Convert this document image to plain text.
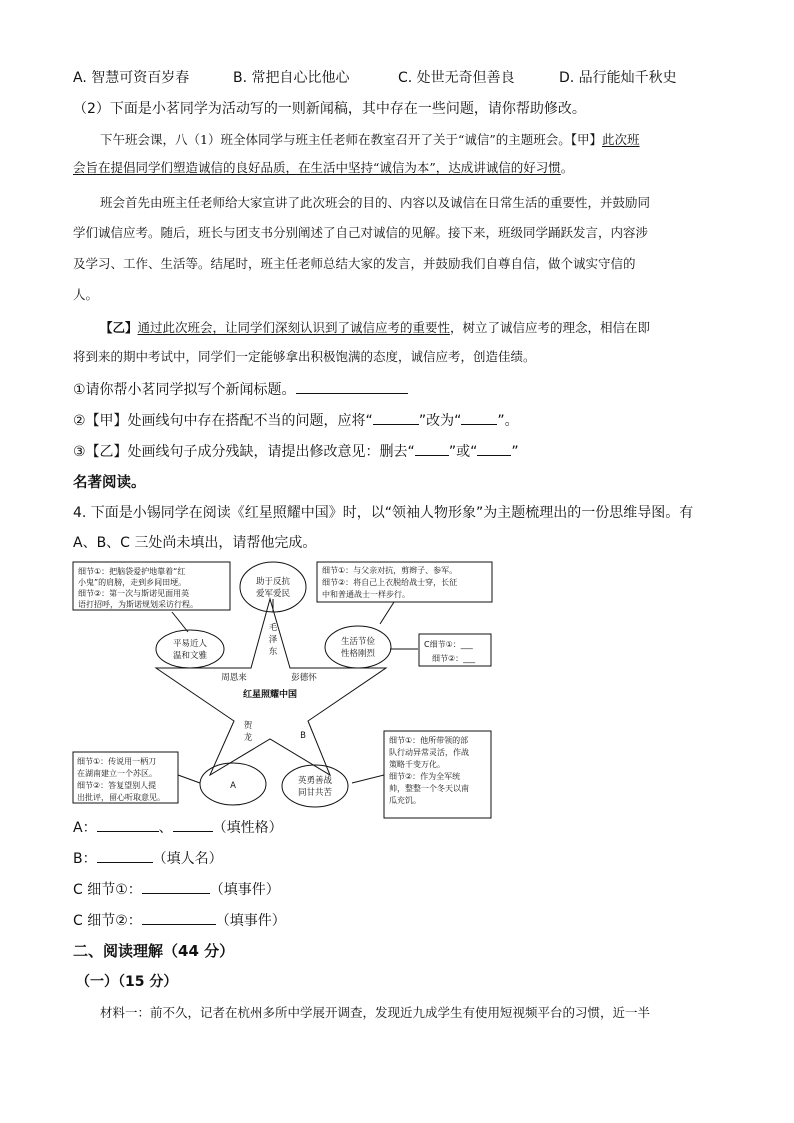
A. 智慧可资百岁春	B. 常把自心比他心	C. 处世无奇但善良	D. 品行能灿千秋史
（2）下面是小茗同学为活动写的一则新闻稿，其中存在一些问题，请你帮助修改。
下午班会课，八（1）班全体同学与班主任老师在教室召开了关于“诚信”的主题班会。【甲】此次班
会旨在提倡同学们塑造诚信的良好品质，在生活中坚持“诚信为本”，达成讲诚信的好习惯。
班会首先由班主任老师给大家宣讲了此次班会的目的、内容以及诚信在日常生活的重要性，并鼓励同
学们诚信应考。随后，班长与团支书分别阐述了自己对诚信的见解。接下来，班级同学踊跃发言，内容涉
及学习、工作、生活等。结尾时，班主任老师总结大家的发言，并鼓励我们自尊自信，做个诚实守信的
人。
【乙】通过此次班会，让同学们深刻认识到了诚信应考的重要性，树立了诚信应考的理念，相信在即
将到来的期中考试中，同学们一定能够拿出积极饱满的态度，诚信应考，创造佳绩。
①请你帮小茗同学拟写个新闻标题。
②【甲】处画线句中存在搭配不当的问题，应将“	”改为“	”。
③【乙】处画线句子成分残缺，请提出修改意见：删去“ ”或“ ”
名著阅读。
4. 下面是小锡同学在阅读《红星照耀中国》时，以“领袖人物形象”为主题梳理出的一份思维导图。有
A、B、C 三处尚未填出，请帮他完成。
细节①：把脑袋爱护地靠着“红
小鬼”的肩膀，走到乡间田埂。
细节②：第一次与斯诺见面用英
语打招呼，为斯诺规划采访行程。
细节①：与父亲对抗，剪辫子、参军。
细节②：将自己上衣脱给战士穿，长征
中和普通战士一样步行。
C细节①：___
细节②：___
细节①：传说用一柄刀
在湖南建立一个苏区。
细节②：答复望别人提
出批评，留心听取意见。
细节①：他所带领的部
队行动异常灵活，作战
策略千变万化。
细节②：作为全军统
帅，整整一个冬天以南
瓜充饥。
平易近人
温和文雅
助于反抗
爱军爱民
生活节俭
性格刚烈
A	英勇善战
同甘共苦
红星照耀中国
周恩来	彭德怀
B
毛
泽
东
贺
龙
A：	、	（填性格）
B：	（填人名）
C 细节①：	（填事件）
C 细节②：	（填事件）
二、阅读理解（44 分）
（一）（15 分）
材料一：前不久，记者在杭州多所中学展开调查，发现近九成学生有使用短视频平台的习惯，近一半
